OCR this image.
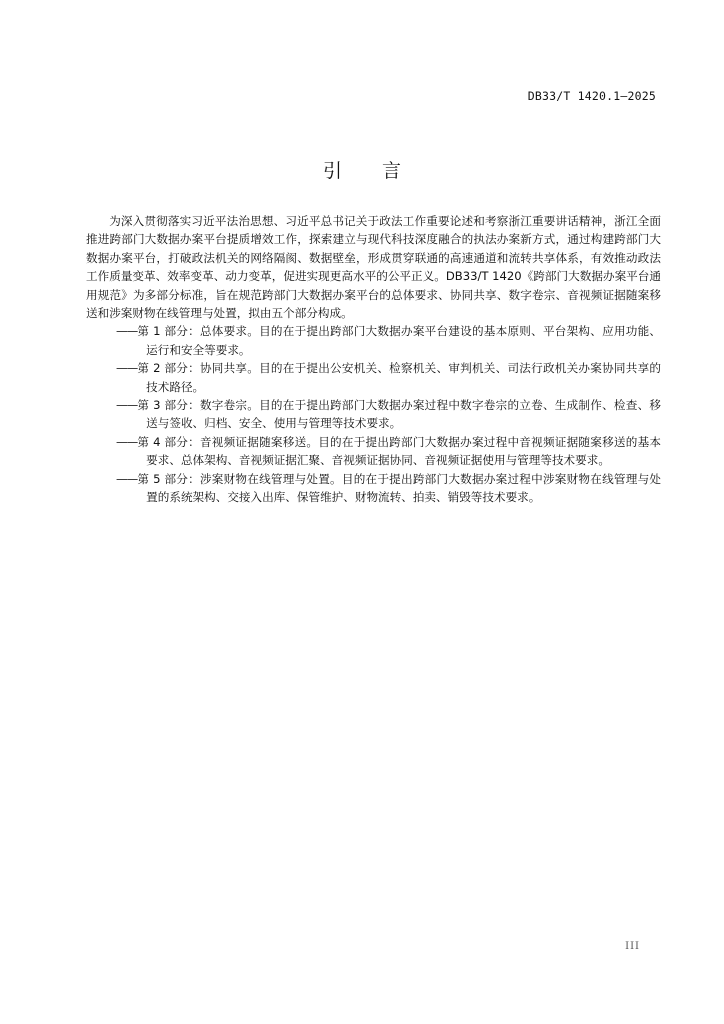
DB33/T 1420.1—2025
引言

为深入贯彻落实习近平法治思想、习近平总书记关于政法工作重要论述和考察浙江重要讲话精神，浙江全面推进跨部门大数据办案平台提质增效工作，探索建立与现代科技深度融合的执法办案新方式，通过构建跨部门大数据办案平台，打破政法机关的网络隔阂、数据壁垒，形成贯穿联通的高速通道和流转共享体系，有效推动政法工作质量变革、效率变革、动力变革，促进实现更高水平的公平正义。DB33/T 1420《跨部门大数据办案平台通用规范》为多部分标准，旨在规范跨部门大数据办案平台的总体要求、协同共享、数字卷宗、音视频证据随案移送和涉案财物在线管理与处置，拟由五个部分构成。

——第 1 部分：总体要求。目的在于提出跨部门大数据办案平台建设的基本原则、平台架构、应用功能、运行和安全等要求。

——第 2 部分：协同共享。目的在于提出公安机关、检察机关、审判机关、司法行政机关办案协同共享的技术路径。

——第 3 部分：数字卷宗。目的在于提出跨部门大数据办案过程中数字卷宗的立卷、生成制作、检查、移送与签收、归档、安全、使用与管理等技术要求。

——第 4 部分：音视频证据随案移送。目的在于提出跨部门大数据办案过程中音视频证据随案移送的基本要求、总体架构、音视频证据汇聚、音视频证据协同、音视频证据使用与管理等技术要求。

——第 5 部分：涉案财物在线管理与处置。目的在于提出跨部门大数据办案过程中涉案财物在线管理与处置的系统架构、交接入出库、保管维护、财物流转、拍卖、销毁等技术要求。

III
